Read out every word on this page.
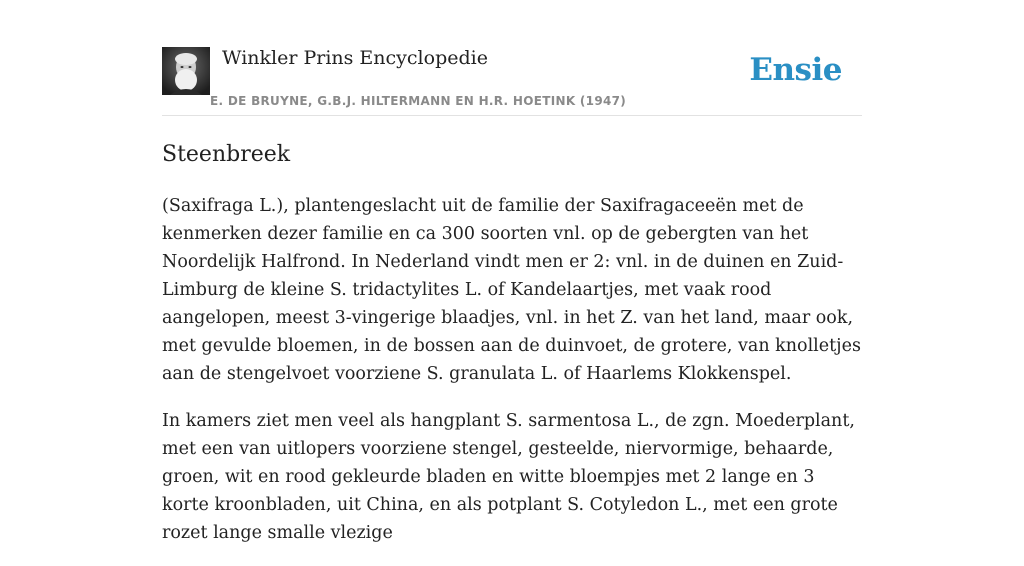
Winkler Prins Encyclopedie
E. DE BRUYNE, G.B.J. HILTERMANN EN H.R. HOETINK (1947)
Ensie
Steenbreek

(Saxifraga L.), plantengeslacht uit de familie der Saxifragaceeën met de kenmerken dezer familie en ca 300 soorten vnl. op de gebergten van het Noordelijk Halfrond. In Nederland vindt men er 2: vnl. in de duinen en Zuid-Limburg de kleine S. tridactylites L. of Kandelaartjes, met vaak rood aangelopen, meest 3-vingerige blaadjes, vnl. in het Z. van het land, maar ook, met gevulde bloemen, in de bossen aan de duinvoet, de grotere, van knolletjes aan de stengelvoet voorziene S. granulata L. of Haarlems Klokkenspel.

In kamers ziet men veel als hangplant S. sarmentosa L., de zgn. Moederplant, met een van uitlopers voorziene stengel, gesteelde, niervormige, behaarde, groen, wit en rood gekleurde bladen en witte bloempjes met 2 lange en 3 korte kroonbladen, uit China, en als potplant S. Cotyledon L., met een grote rozet lange smalle vlezige
